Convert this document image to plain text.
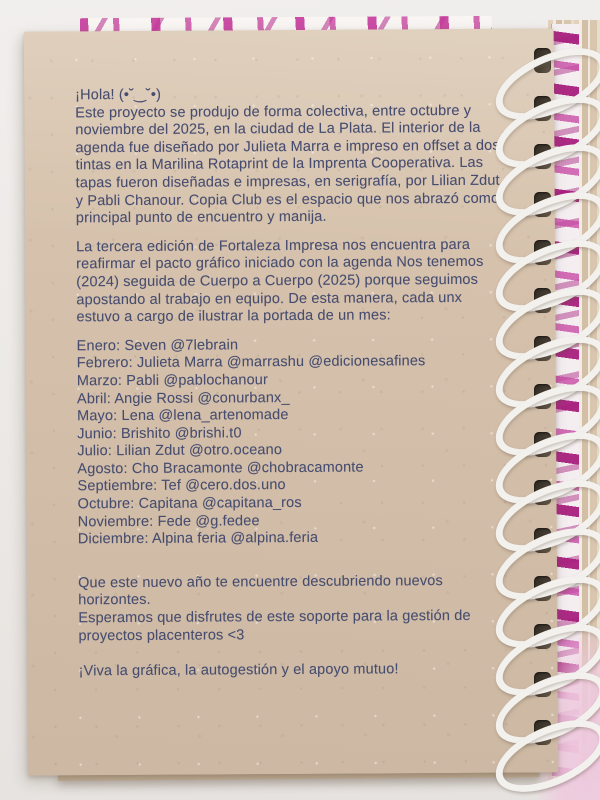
¡Hola! (•˘‿˘•)

Este proyecto se produjo de forma colectiva, entre octubre y noviembre del 2025, en la ciudad de La Plata. El interior de la agenda fue diseñado por Julieta Marra e impreso en offset a dos tintas en la Marilina Rotaprint de la Imprenta Cooperativa. Las tapas fueron diseñadas e impresas, en serigrafía, por Lilian Zdut y Pabli Chanour. Copia Club es el espacio que nos abrazó como principal punto de encuentro y manija.

La tercera edición de Fortaleza Impresa nos encuentra para reafirmar el pacto gráfico iniciado con la agenda Nos tenemos (2024) seguida de Cuerpo a Cuerpo (2025) porque seguimos apostando al trabajo en equipo. De esta manera, cada unx estuvo a cargo de ilustrar la portada de un mes:

Enero: Seven @7lebrain

Febrero: Julieta Marra @marrashu @edicionesafines

Marzo: Pabli @pablochanour

Abril: Angie Rossi @conurbanx_

Mayo: Lena @lena_artenomade

Junio: Brishito @brishi.t0

Julio: Lilian Zdut @otro.oceano

Agosto: Cho Bracamonte @chobracamonte

Septiembre: Tef @cero.dos.uno

Octubre: Capitana @capitana_ros

Noviembre: Fede @g.fedee

Diciembre: Alpina feria @alpina.feria

Que este nuevo año te encuentre descubriendo nuevos horizontes.

Esperamos que disfrutes de este soporte para la gestión de proyectos placenteros <3

¡Viva la gráfica, la autogestión y el apoyo mutuo!
